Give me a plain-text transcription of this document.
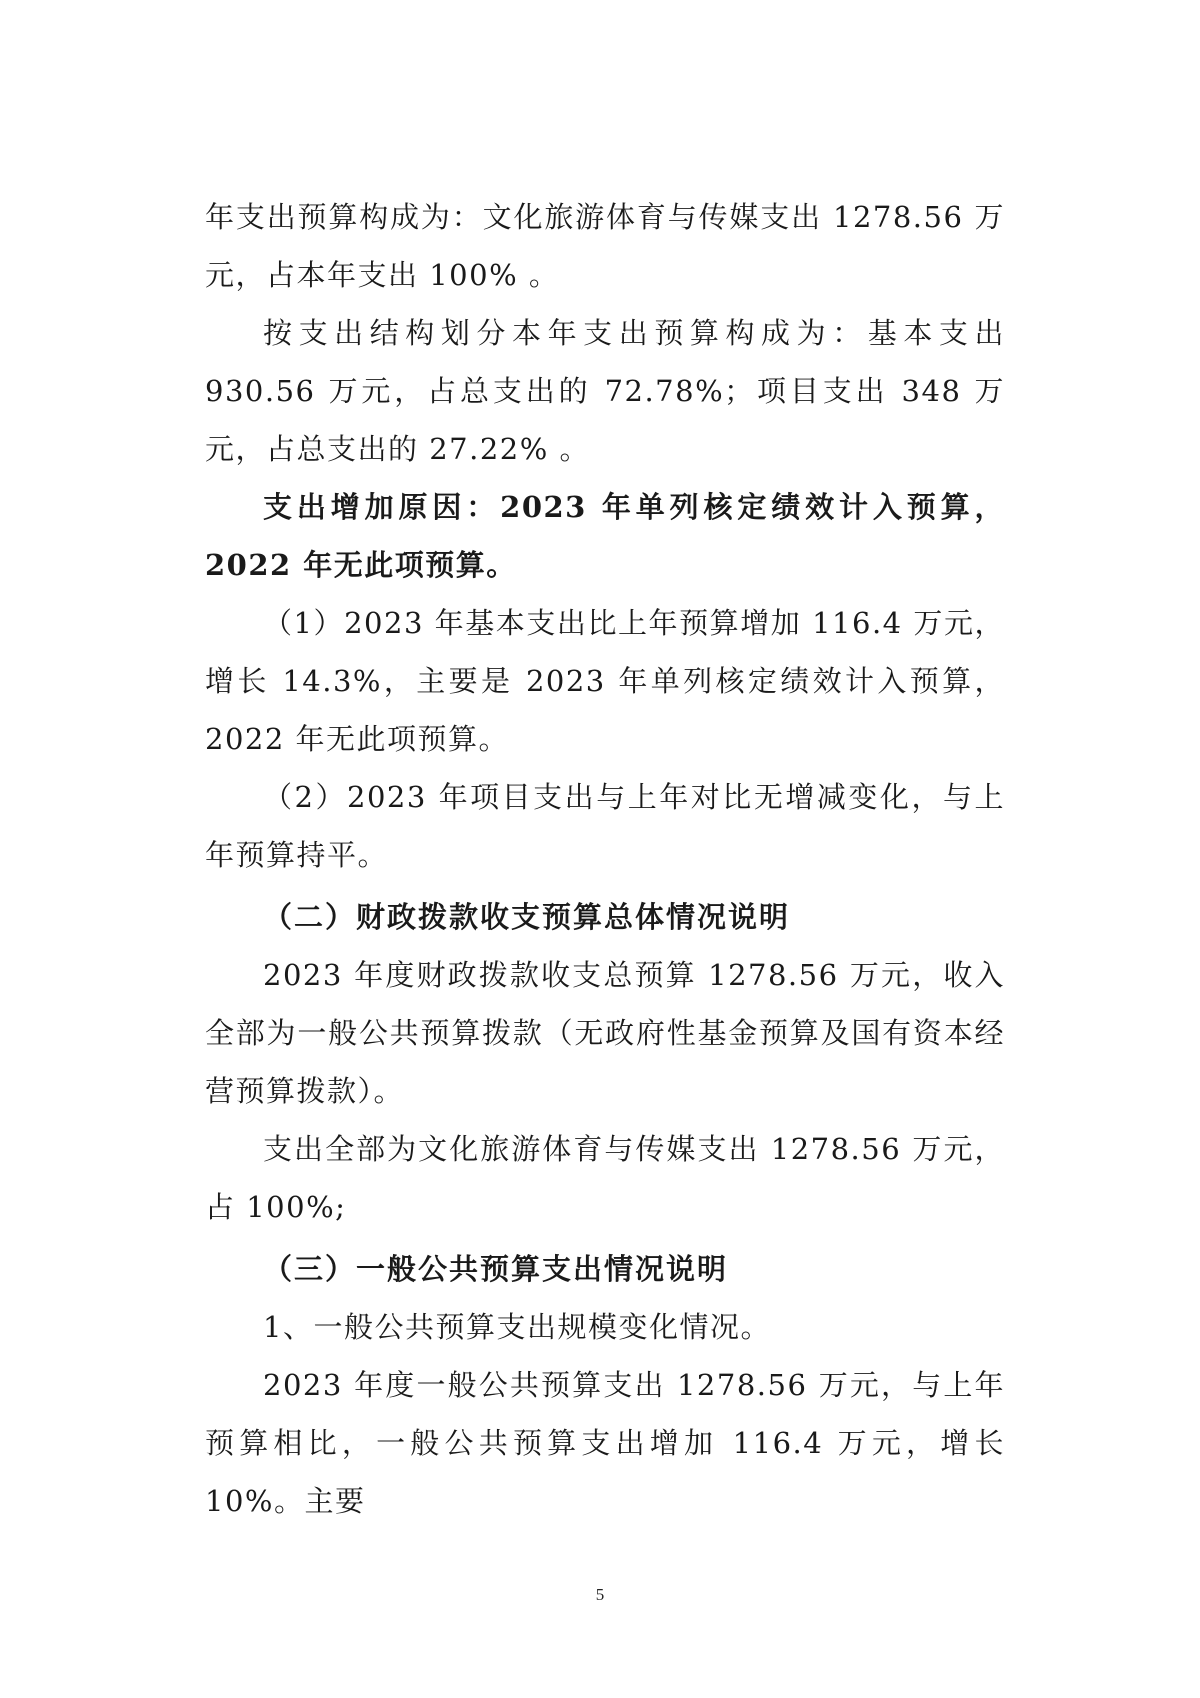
年支出预算构成为：文化旅游体育与传媒支出 1278.56 万元，占本年支出 100% 。

按支出结构划分本年支出预算构成为：基本支出 930.56 万元，占总支出的 72.78%；项目支出 348 万元，占总支出的 27.22% 。

支出增加原因：2023 年单列核定绩效计入预算，2022 年无此项预算。

（1）2023 年基本支出比上年预算增加 116.4 万元，增长 14.3%，主要是 2023 年单列核定绩效计入预算，2022 年无此项预算。

（2）2023 年项目支出与上年对比无增减变化，与上年预算持平。

（二）财政拨款收支预算总体情况说明

2023 年度财政拨款收支总预算 1278.56 万元，收入全部为一般公共预算拨款（无政府性基金预算及国有资本经营预算拨款）。

支出全部为文化旅游体育与传媒支出 1278.56 万元，占 100%;

（三）一般公共预算支出情况说明

1、一般公共预算支出规模变化情况。

2023 年度一般公共预算支出 1278.56 万元，与上年预算相比，一般公共预算支出增加 116.4 万元，增长 10%。主要

5
